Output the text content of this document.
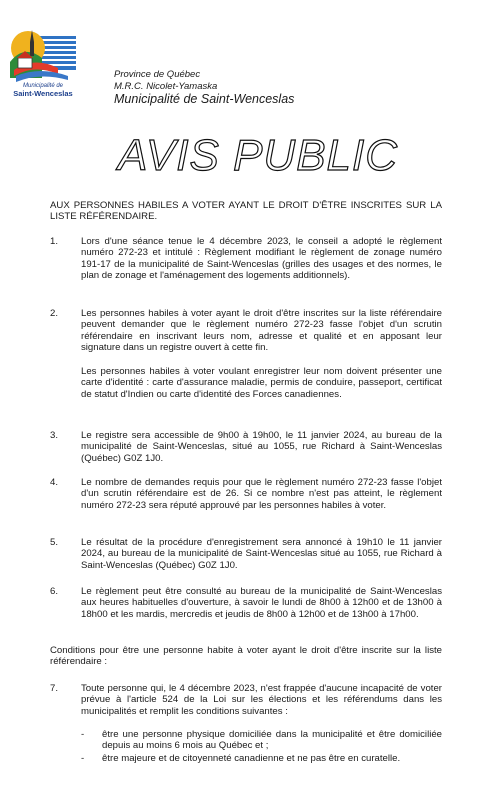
Municipalité de
Saint-Wenceslas
Province de Québec
M.R.C. Nicolet-Yamaska
Municipalité de Saint-Wenceslas
AVIS PUBLIC
AUX PERSONNES HABILES A VOTER AYANT LE DROIT D'ÊTRE INSCRITES SUR LA LISTE RÉFÉRENDAIRE.
1. Lors d'une séance tenue le 4 décembre 2023, le conseil a adopté le règlement numéro 272-23 et intitulé : Règlement modifiant le règlement de zonage numéro 191-17 de la municipalité de Saint-Wenceslas (grilles des usages et des normes, le plan de zonage et l'aménagement des logements additionnels).
2. Les personnes habiles à voter ayant le droit d'être inscrites sur la liste référendaire peuvent demander que le règlement numéro 272-23 fasse l'objet d'un scrutin référendaire en inscrivant leurs nom, adresse et qualité et en apposant leur signature dans un registre ouvert à cette fin.
Les personnes habiles à voter voulant enregistrer leur nom doivent présenter une carte d'identité : carte d'assurance maladie, permis de conduire, passeport, certificat de statut d'Indien ou carte d'identité des Forces canadiennes.
3. Le registre sera accessible de 9h00 à 19h00, le 11 janvier 2024, au bureau de la municipalité de Saint-Wenceslas, situé au 1055, rue Richard à Saint-Wenceslas (Québec) G0Z 1J0.
4. Le nombre de demandes requis pour que le règlement numéro 272-23 fasse l'objet d'un scrutin référendaire est de 26. Si ce nombre n'est pas atteint, le règlement numéro 272-23 sera réputé approuvé par les personnes habiles à voter.
5. Le résultat de la procédure d'enregistrement sera annoncé à 19h10 le 11 janvier 2024, au bureau de la municipalité de Saint-Wenceslas situé au 1055, rue Richard à Saint-Wenceslas (Québec) G0Z 1J0.
6. Le règlement peut être consulté au bureau de la municipalité de Saint-Wenceslas aux heures habituelles d'ouverture, à savoir le lundi de 8h00 à 12h00 et de 13h00 à 18h00 et les mardis, mercredis et jeudis de 8h00 à 12h00 et de 13h00 à 17h00.
Conditions pour être une personne habite à voter ayant le droit d'être inscrite sur la liste référendaire :
7. Toute personne qui, le 4 décembre 2023, n'est frappée d'aucune incapacité de voter prévue à l'article 524 de la Loi sur les élections et les référendums dans les municipalités et remplit les conditions suivantes :
- être une personne physique domiciliée dans la municipalité et être domiciliée depuis au moins 6 mois au Québec et ;
- être majeure et de citoyenneté canadienne et ne pas être en curatelle.
